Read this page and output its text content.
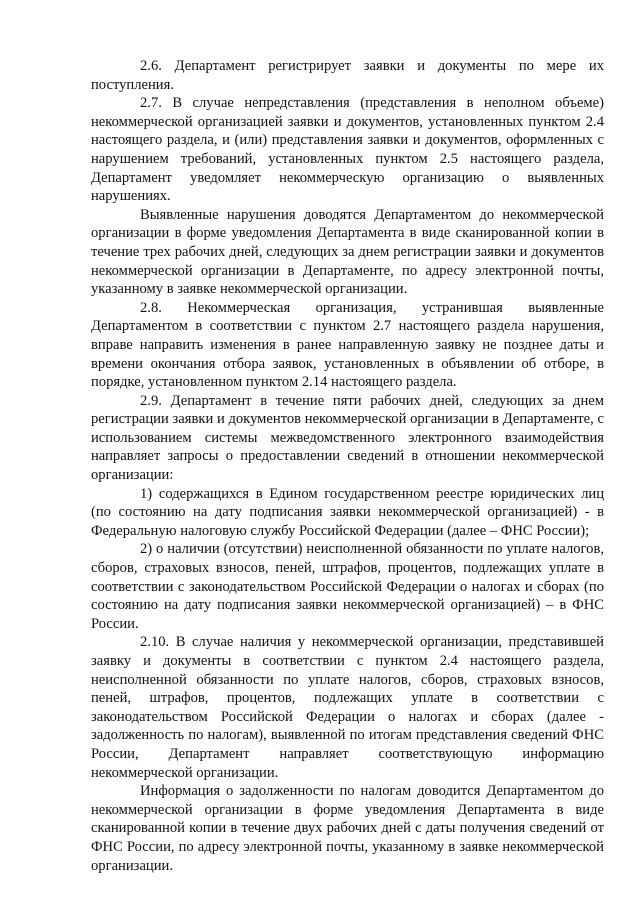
2.6. Департамент регистрирует заявки и документы по мере их поступления.

2.7. В случае непредставления (представления в неполном объеме) некоммерческой организацией заявки и документов, установленных пунктом 2.4 настоящего раздела, и (или) представления заявки и документов, оформленных с нарушением требований, установленных пунктом 2.5 настоящего раздела, Департамент уведомляет некоммерческую организацию о выявленных нарушениях.

Выявленные нарушения доводятся Департаментом до некоммерческой организации в форме уведомления Департамента в виде сканированной копии в течение трех рабочих дней, следующих за днем регистрации заявки и документов некоммерческой организации в Департаменте, по адресу электронной почты, указанному в заявке некоммерческой организации.

2.8. Некоммерческая организация, устранившая выявленные Департаментом в соответствии с пунктом 2.7 настоящего раздела нарушения, вправе направить изменения в ранее направленную заявку не позднее даты и времени окончания отбора заявок, установленных в объявлении об отборе, в порядке, установленном пунктом 2.14 настоящего раздела.

2.9. Департамент в течение пяти рабочих дней, следующих за днем регистрации заявки и документов некоммерческой организации в Департаменте, с использованием системы межведомственного электронного взаимодействия направляет запросы о предоставлении сведений в отношении некоммерческой организации:

1) содержащихся в Едином государственном реестре юридических лиц (по состоянию на дату подписания заявки некоммерческой организацией) - в Федеральную налоговую службу Российской Федерации (далее – ФНС России);

2) о наличии (отсутствии) неисполненной обязанности по уплате налогов, сборов, страховых взносов, пеней, штрафов, процентов, подлежащих уплате в соответствии с законодательством Российской Федерации о налогах и сборах (по состоянию на дату подписания заявки некоммерческой организацией) – в ФНС России.

2.10. В случае наличия у некоммерческой организации, представившей заявку и документы в соответствии с пунктом 2.4 настоящего раздела, неисполненной обязанности по уплате налогов, сборов, страховых взносов, пеней, штрафов, процентов, подлежащих уплате в соответствии с законодательством Российской Федерации о налогах и сборах (далее - задолженность по налогам), выявленной по итогам представления сведений ФНС России, Департамент направляет соответствующую информацию некоммерческой организации.

Информация о задолженности по налогам доводится Департаментом до некоммерческой организации в форме уведомления Департамента в виде сканированной копии в течение двух рабочих дней с даты получения сведений от ФНС России, по адресу электронной почты, указанному в заявке некоммерческой организации.
